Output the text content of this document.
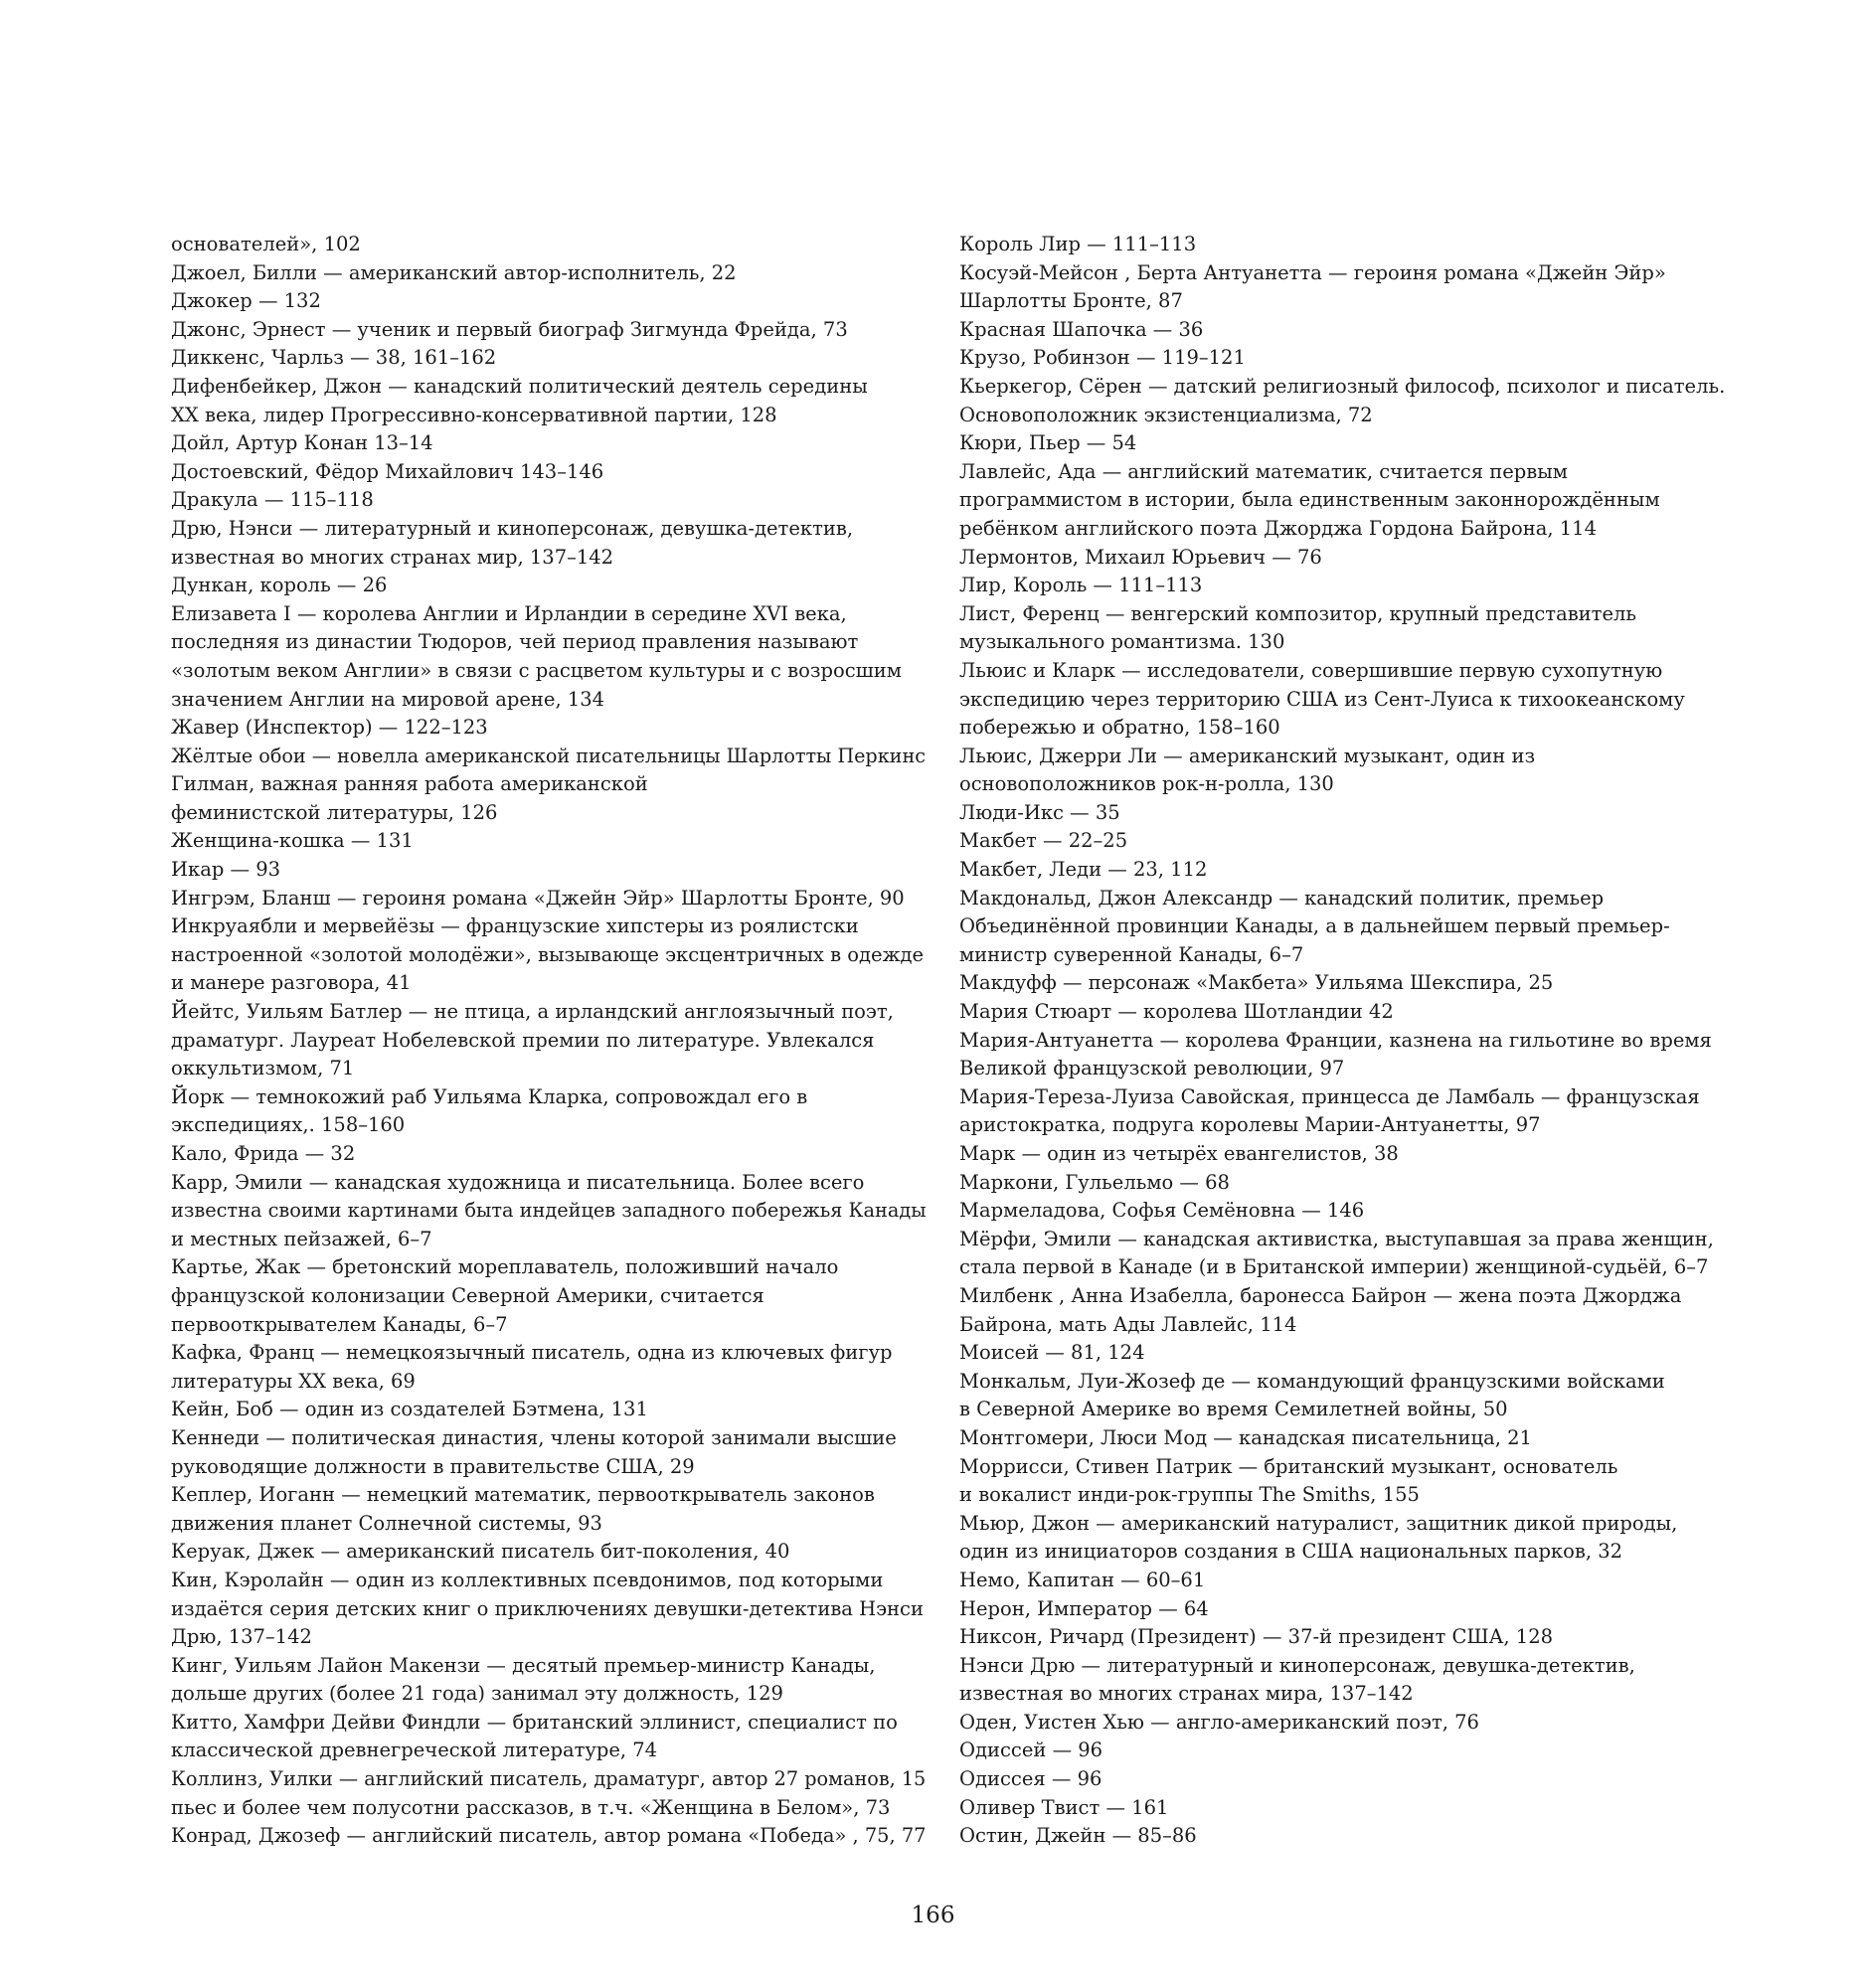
основателей», 102
Джоел, Билли — американский автор-исполнитель, 22
Джокер — 132
Джонс, Эрнест — ученик и первый биограф Зигмунда Фрейда, 73
Диккенс, Чарльз — 38, 161–162
Дифенбейкер, Джон — канадский политический деятель середины
XX века, лидер Прогрессивно-консервативной партии, 128
Дойл, Артур Конан 13–14
Достоевский, Фёдор Михайлович 143–146
Дракула — 115–118
Дрю, Нэнси — литературный и киноперсонаж, девушка-детектив,
известная во многих странах мир, 137–142
Дункан, король — 26
Елизавета I — королева Англии и Ирландии в середине XVI века,
последняя из династии Тюдоров, чей период правления называют
«золотым веком Англии» в связи с расцветом культуры и с возросшим
значением Англии на мировой арене, 134
Жавер (Инспектор) — 122–123
Жёлтые обои — новелла американской писательницы Шарлотты Перкинс
Гилман, важная ранняя работа американской
феминистской литературы, 126
Женщина-кошка — 131
Икар — 93
Ингрэм, Бланш — героиня романа «Джейн Эйр» Шарлотты Бронте, 90
Инкруаябли и мервейёзы — французские хипстеры из роялистски
настроенной «золотой молодёжи», вызывающе эксцентричных в одежде
и манере разговора, 41
Йейтс, Уильям Батлер — не птица, а ирландский англоязычный поэт,
драматург. Лауреат Нобелевской премии по литературе. Увлекался
оккультизмом, 71
Йорк — темнокожий раб Уильяма Кларка, сопровождал его в
экспедициях,. 158–160
Кало, Фрида — 32
Карр, Эмили — канадская художница и писательница. Более всего
известна своими картинами быта индейцев западного побережья Канады
и местных пейзажей, 6–7
Картье, Жак — бретонский мореплаватель, положивший начало
французской колонизации Северной Америки, считается
первооткрывателем Канады, 6–7
Кафка, Франц — немецкоязычный писатель, одна из ключевых фигур
литературы XX века, 69
Кейн, Боб — один из создателей Бэтмена, 131
Кеннеди — политическая династия, члены которой занимали высшие
руководящие должности в правительстве США, 29
Кеплер, Иоганн — немецкий математик, первооткрыватель законов
движения планет Солнечной системы, 93
Керуак, Джек — американский писатель бит-поколения, 40
Кин, Кэролайн — один из коллективных псевдонимов, под которыми
издаётся серия детских книг о приключениях девушки-детектива Нэнси
Дрю, 137–142
Кинг, Уильям Лайон Макензи — десятый премьер-министр Канады,
дольше других (более 21 года) занимал эту должность, 129
Китто, Хамфри Дейви Финдли — британский эллинист, специалист по
классической древнегреческой литературе, 74
Коллинз, Уилки — английский писатель, драматург, автор 27 романов, 15
пьес и более чем полусотни рассказов, в т.ч. «Женщина в Белом», 73
Конрад, Джозеф — английский писатель, автор романа «Победа» , 75, 77
Король Лир — 111–113
Косуэй-Мейсон , Берта Антуанетта — героиня романа «Джейн Эйр»
Шарлотты Бронте, 87
Красная Шапочка — 36
Крузо, Робинзон — 119–121
Кьеркегор, Сёрен — датский религиозный философ, психолог и писатель.
Основоположник экзистенциализма, 72
Кюри, Пьер — 54
Лавлейс, Ада — английский математик, считается первым
программистом в истории, была единственным законнорождённым
ребёнком английского поэта Джорджа Гордона Байрона, 114
Лермонтов, Михаил Юрьевич — 76
Лир, Король — 111–113
Лист, Ференц — венгерский композитор, крупный представитель
музыкального романтизма. 130
Льюис и Кларк — исследователи, совершившие первую сухопутную
экспедицию через территорию США из Сент-Луиса к тихоокеанскому
побережью и обратно, 158–160
Льюис, Джерри Ли — американский музыкант, один из
основоположников рок-н-ролла, 130
Люди-Икс — 35
Макбет — 22–25
Макбет, Леди — 23, 112
Макдональд, Джон Александр — канадский политик, премьер
Объединённой провинции Канады, а в дальнейшем первый премьер-
министр суверенной Канады, 6–7
Макдуфф — персонаж «Макбета» Уильяма Шекспира, 25
Мария Стюарт — королева Шотландии 42
Мария-Антуанетта — королева Франции, казнена на гильотине во время
Великой французской революции, 97
Мария-Тереза-Луиза Савойская, принцесса де Ламбаль — французская
аристократка, подруга королевы Марии-Антуанетты, 97
Марк — один из четырёх евангелистов, 38
Маркони, Гульельмо — 68
Мармеладова, Софья Семёновна — 146
Мёрфи, Эмили — канадская активистка, выступавшая за права женщин,
стала первой в Канаде (и в Британской империи) женщиной-судьёй, 6–7
Милбенк , Анна Изабелла, баронесса Байрон — жена поэта Джорджа
Байрона, мать Ады Лавлейс, 114
Моисей — 81, 124
Монкальм, Луи-Жозеф де — командующий французскими войсками
в Северной Америке во время Семилетней войны, 50
Монтгомери, Люси Мод — канадская писательница, 21
Моррисси, Стивен Патрик — британский музыкант, основатель
и вокалист инди-рок-группы The Smiths, 155
Мьюр, Джон — американский натуралист, защитник дикой природы,
один из инициаторов создания в США национальных парков, 32
Немо, Капитан — 60–61
Нерон, Император — 64
Никсон, Ричард (Президент) — 37-й президент США, 128
Нэнси Дрю — литературный и киноперсонаж, девушка-детектив,
известная во многих странах мира, 137–142
Оден, Уистен Хью — англо-американский поэт, 76
Одиссей — 96
Одиссея — 96
Оливер Твист — 161
Остин, Джейн — 85–86
166
